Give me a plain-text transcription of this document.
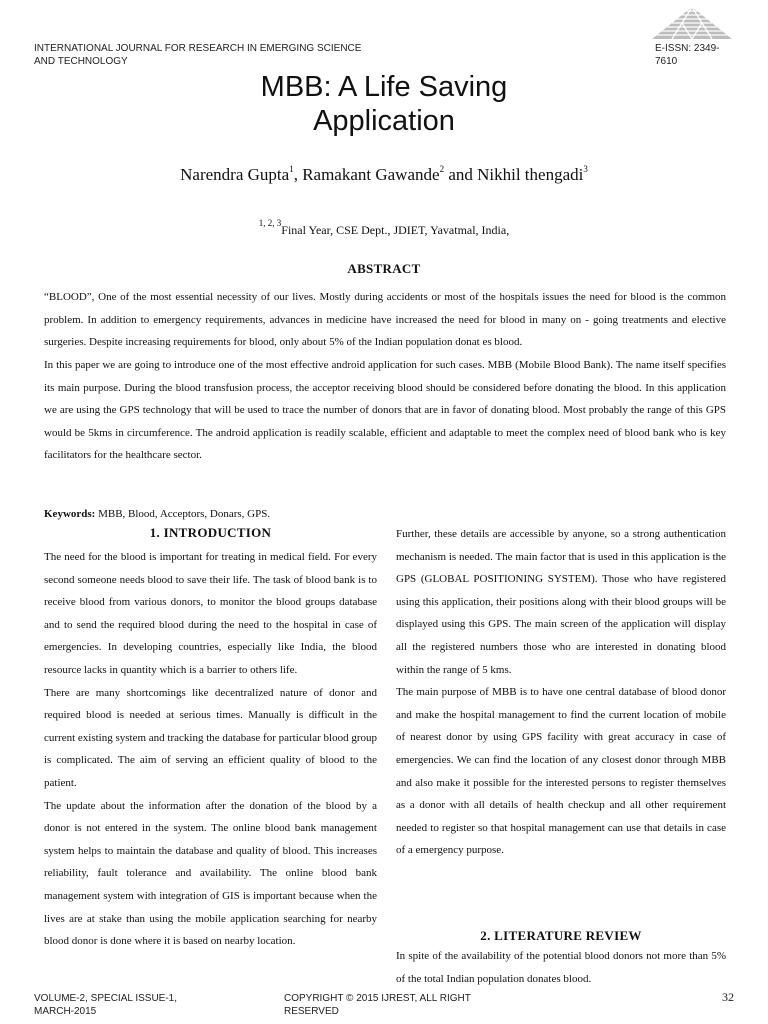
INTERNATIONAL JOURNAL FOR RESEARCH IN EMERGING SCIENCE AND TECHNOLOGY
E-ISSN: 2349-7610
MBB: A Life Saving
Application
Narendra Gupta$^1$, Ramakant Gawande$^2$ and Nikhil thengadi$^3$
$^{1, 2, 3}$Final Year, CSE Dept., JDIET, Yavatmal, India,
ABSTRACT

“BLOOD”, One of the most essential necessity of our lives. Mostly during accidents or most of the hospitals issues the need for blood is the common problem. In addition to emergency requirements, advances in medicine have increased the need for blood in many on - going treatments and elective surgeries. Despite increasing requirements for blood, only about 5% of the Indian population donat es blood.

In this paper we are going to introduce one of the most effective android application for such cases. MBB (Mobile Blood Bank). The name itself specifies its main purpose. During the blood transfusion process, the acceptor receiving blood should be considered before donating the blood. In this application we are using the GPS technology that will be used to trace the number of donors that are in favor of donating blood. Most probably the range of this GPS would be 5kms in circumference. The android application is readily scalable, efficient and adaptable to meet the complex need of blood bank who is key facilitators for the healthcare sector.

Keywords: MBB, Blood, Acceptors, Donars, GPS.
1. INTRODUCTION

The need for the blood is important for treating in medical field. For every second someone needs blood to save their life. The task of blood bank is to receive blood from various donors, to monitor the blood groups database and to send the required blood during the need to the hospital in case of emergencies. In developing countries, especially like India, the blood resource lacks in quantity which is a barrier to others life.

There are many shortcomings like decentralized nature of donor and required blood is needed at serious times. Manually is difficult in the current existing system and tracking the database for particular blood group is complicated. The aim of serving an efficient quality of blood to the patient.

The update about the information after the donation of the blood by a donor is not entered in the system. The online blood bank management system helps to maintain the database and quality of blood. This increases reliability, fault tolerance and availability. The online blood bank management system with integration of GIS is important because when the lives are at stake than using the mobile application searching for nearby blood donor is done where it is based on nearby location.

Further, these details are accessible by anyone, so a strong authentication mechanism is needed. The main factor that is used in this application is the GPS (GLOBAL POSITIONING SYSTEM). Those who have registered using this application, their positions along with their blood groups will be displayed using this GPS. The main screen of the application will display all the registered numbers those who are interested in donating blood within the range of 5 kms.

The main purpose of MBB is to have one central database of blood donor and make the hospital management to find the current location of mobile of nearest donor by using GPS facility with great accuracy in case of emergencies. We can find the location of any closest donor through MBB and also make it possible for the interested persons to register themselves as a donor with all details of health checkup and all other requirement needed to register so that hospital management can use that details in case of a emergency purpose.

2. LITERATURE REVIEW

In spite of the availability of the potential blood donors not more than 5% of the total Indian population donates blood.

VOLUME-2, SPECIAL ISSUE-1, MARCH-2015
COPYRIGHT © 2015 IJREST, ALL RIGHT RESERVED
32
